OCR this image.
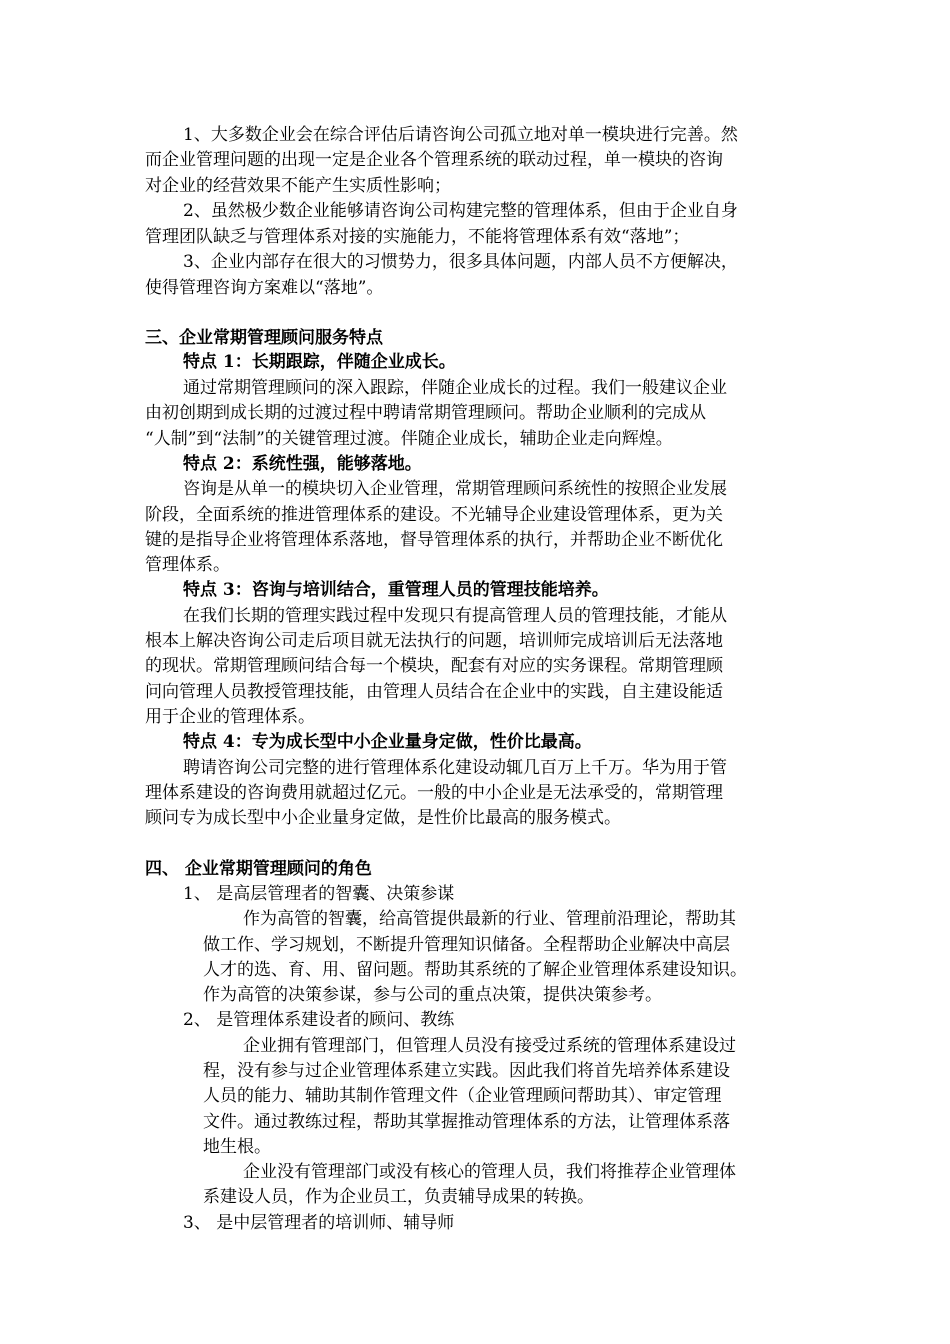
1、大多数企业会在综合评估后请咨询公司孤立地对单一模块进行完善。然
而企业管理问题的出现一定是企业各个管理系统的联动过程，单一模块的咨询
对企业的经营效果不能产生实质性影响；
2、虽然极少数企业能够请咨询公司构建完整的管理体系，但由于企业自身
管理团队缺乏与管理体系对接的实施能力，不能将管理体系有效“落地”；
3、企业内部存在很大的习惯势力，很多具体问题，内部人员不方便解决，
使得管理咨询方案难以“落地”。
三、企业常期管理顾问服务特点
特点 1：长期跟踪，伴随企业成长。
通过常期管理顾问的深入跟踪，伴随企业成长的过程。我们一般建议企业
由初创期到成长期的过渡过程中聘请常期管理顾问。帮助企业顺利的完成从
“人制”到“法制”的关键管理过渡。伴随企业成长，辅助企业走向辉煌。
特点 2：系统性强，能够落地。
咨询是从单一的模块切入企业管理，常期管理顾问系统性的按照企业发展
阶段，全面系统的推进管理体系的建设。不光辅导企业建设管理体系，更为关
键的是指导企业将管理体系落地，督导管理体系的执行，并帮助企业不断优化
管理体系。
特点 3：咨询与培训结合，重管理人员的管理技能培养。
在我们长期的管理实践过程中发现只有提高管理人员的管理技能，才能从
根本上解决咨询公司走后项目就无法执行的问题，培训师完成培训后无法落地
的现状。常期管理顾问结合每一个模块，配套有对应的实务课程。常期管理顾
问向管理人员教授管理技能，由管理人员结合在企业中的实践，自主建设能适
用于企业的管理体系。
特点 4：专为成长型中小企业量身定做，性价比最高。
聘请咨询公司完整的进行管理体系化建设动辄几百万上千万。华为用于管
理体系建设的咨询费用就超过亿元。一般的中小企业是无法承受的，常期管理
顾问专为成长型中小企业量身定做，是性价比最高的服务模式。
四、 企业常期管理顾问的角色
1、 是高层管理者的智囊、决策参谋
作为高管的智囊，给高管提供最新的行业、管理前沿理论，帮助其
做工作、学习规划，不断提升管理知识储备。全程帮助企业解决中高层
人才的选、育、用、留问题。帮助其系统的了解企业管理体系建设知识。
作为高管的决策参谋，参与公司的重点决策，提供决策参考。
2、 是管理体系建设者的顾问、教练
企业拥有管理部门，但管理人员没有接受过系统的管理体系建设过
程，没有参与过企业管理体系建立实践。因此我们将首先培养体系建设
人员的能力、辅助其制作管理文件（企业管理顾问帮助其）、审定管理
文件。通过教练过程，帮助其掌握推动管理体系的方法，让管理体系落
地生根。
企业没有管理部门或没有核心的管理人员，我们将推荐企业管理体
系建设人员，作为企业员工，负责辅导成果的转换。
3、 是中层管理者的培训师、辅导师
